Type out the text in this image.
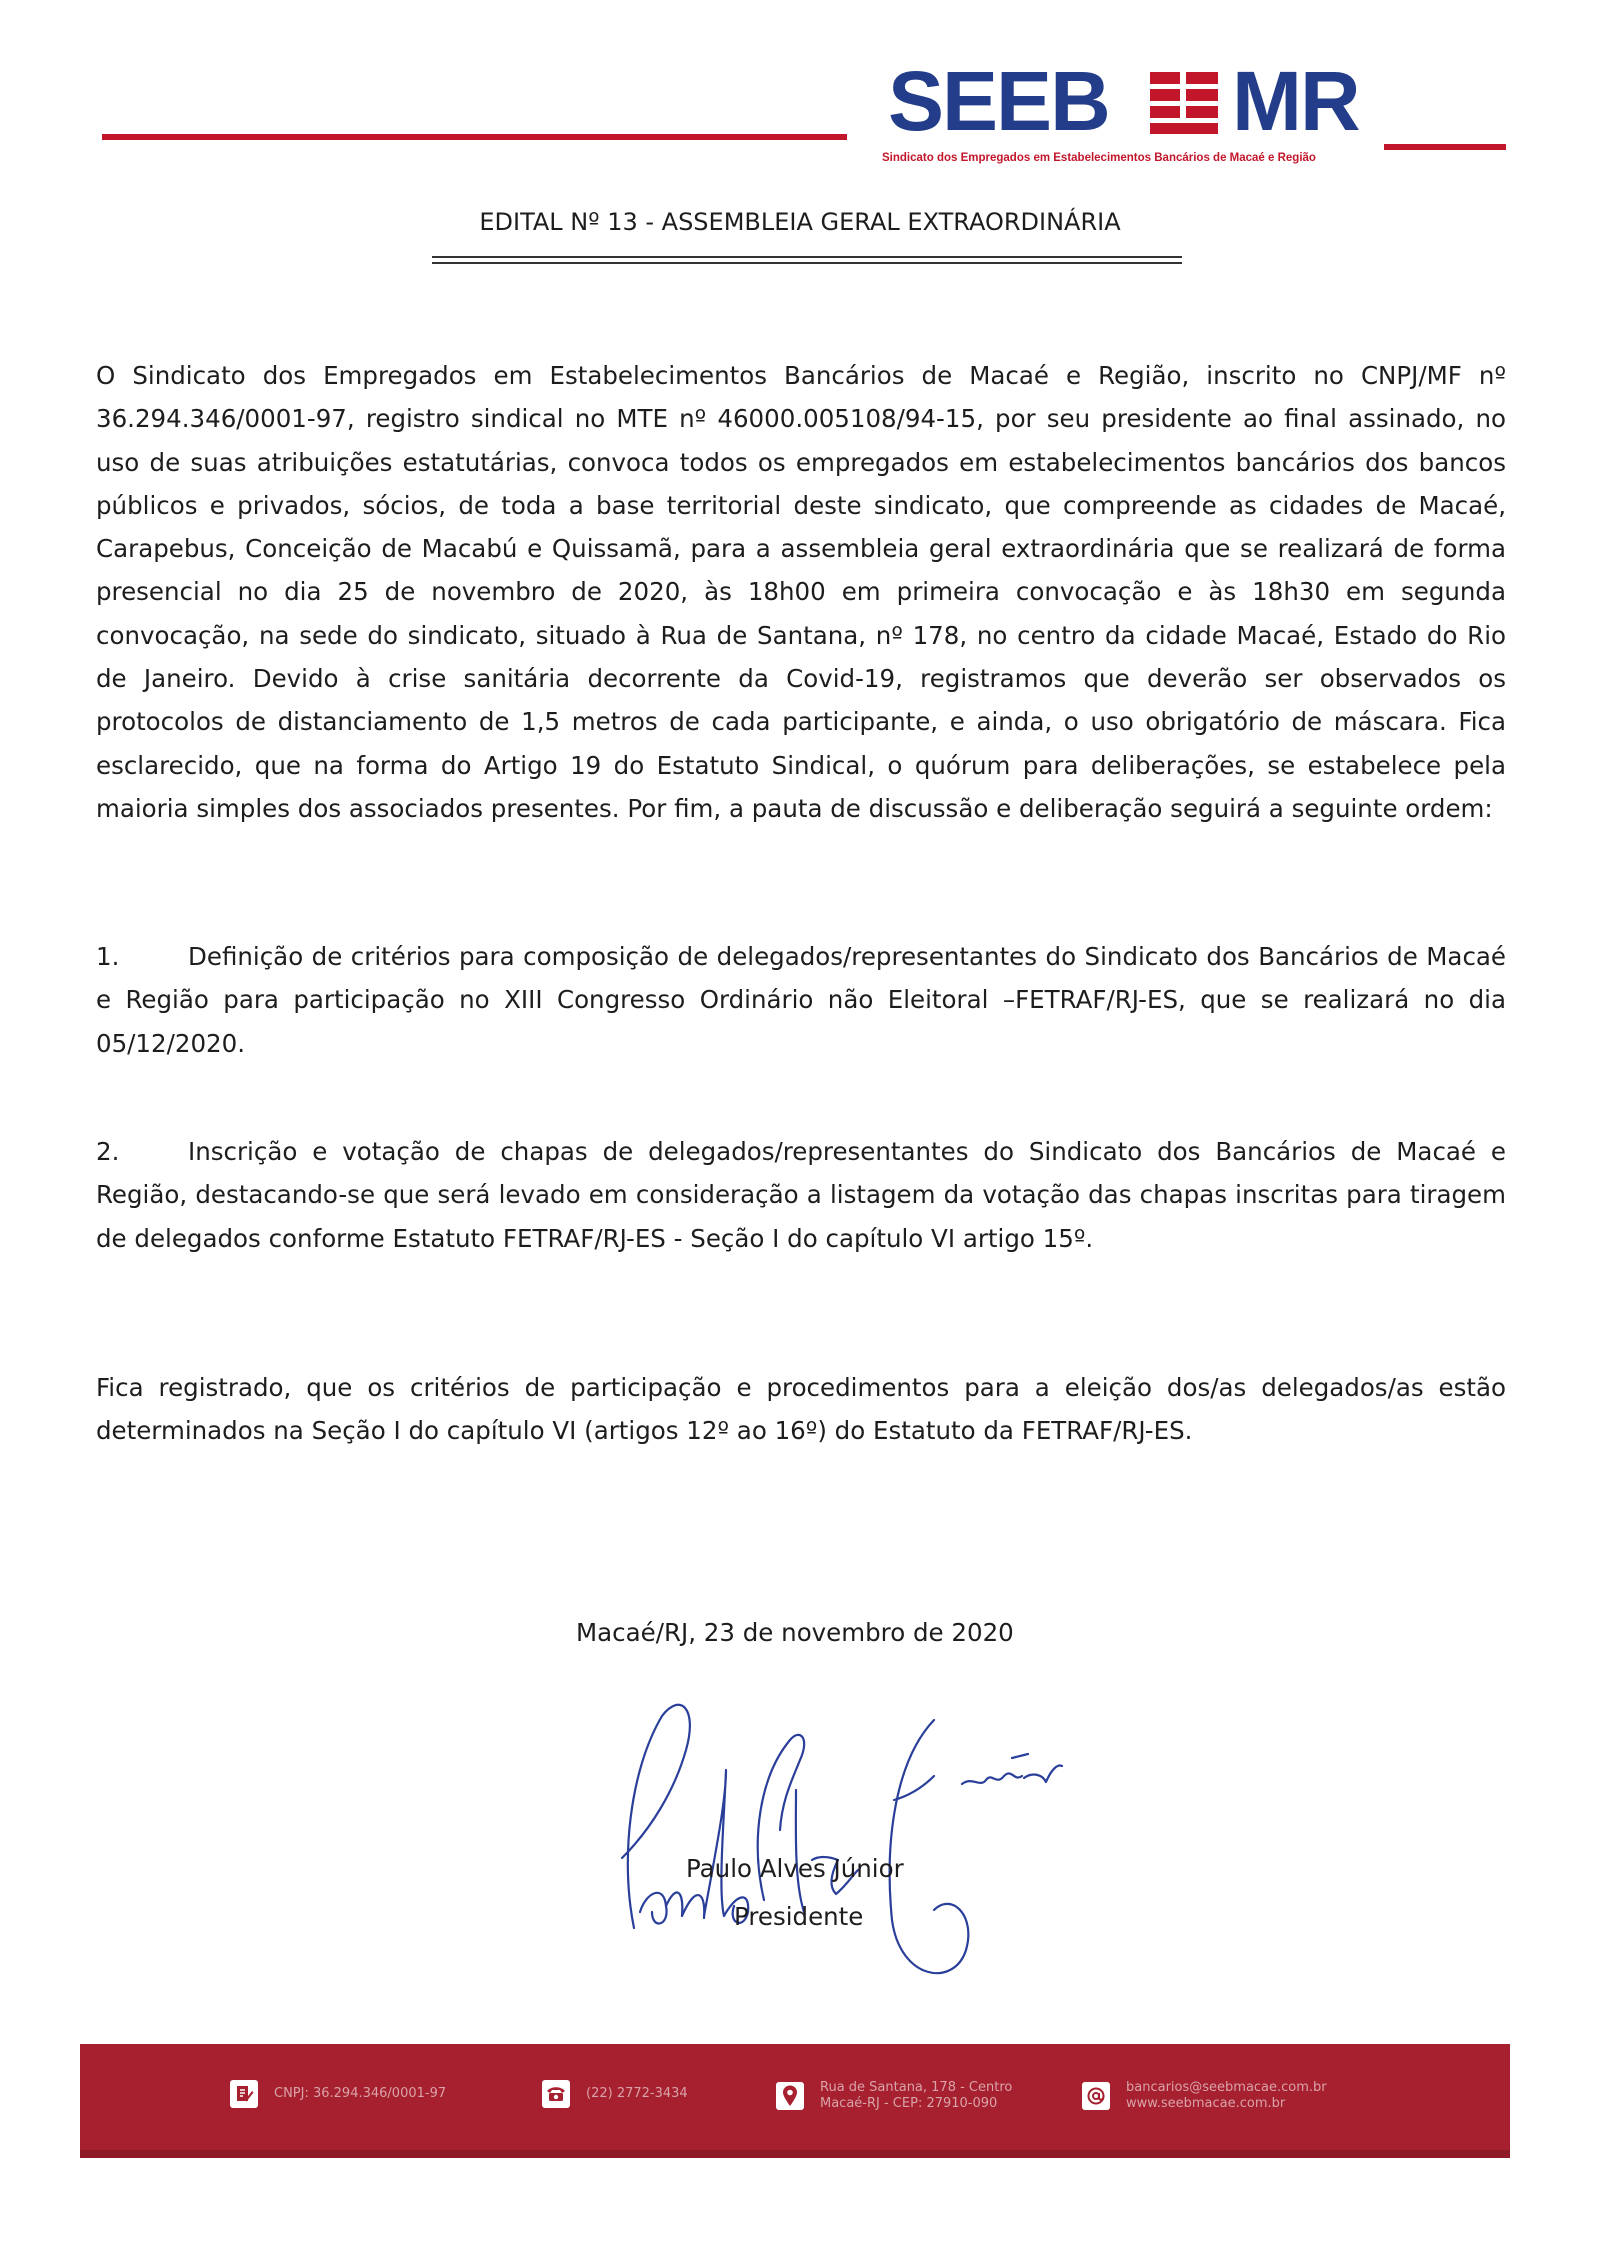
SEEB MR
Sindicato dos Empregados em Estabelecimentos Bancários de Macaé e Região
EDITAL Nº 13 - ASSEMBLEIA GERAL EXTRAORDINÁRIA

O Sindicato dos Empregados em Estabelecimentos Bancários de Macaé e Região, inscrito no CNPJ/MF nº 36.294.346/0001-97, registro sindical no MTE nº 46000.005108/94-15, por seu presidente ao final assinado, no uso de suas atribuições estatutárias, convoca todos os empregados em estabelecimentos bancários dos bancos públicos e privados, sócios, de toda a base territorial deste sindicato, que compreende as cidades de Macaé, Carapebus, Conceição de Macabú e Quissamã, para a assembleia geral extraordinária que se realizará de forma presencial no dia 25 de novembro de 2020, às 18h00 em primeira convocação e às 18h30 em segunda convocação, na sede do sindicato, situado à Rua de Santana, nº 178, no centro da cidade Macaé, Estado do Rio de Janeiro. Devido à crise sanitária decorrente da Covid-19, registramos que deverão ser observados os protocolos de distanciamento de 1,5 metros de cada participante, e ainda, o uso obrigatório de máscara. Fica esclarecido, que na forma do Artigo 19 do Estatuto Sindical, o quórum para deliberações, se estabelece pela maioria simples dos associados presentes. Por fim, a pauta de discussão e deliberação seguirá a seguinte ordem:

1.	Definição de critérios para composição de delegados/representantes do Sindicato dos Bancários de Macaé e Região para participação no XIII Congresso Ordinário não Eleitoral –FETRAF/RJ-ES, que se realizará no dia 05/12/2020.

2.	Inscrição e votação de chapas de delegados/representantes do Sindicato dos Bancários de Macaé e Região, destacando-se que será levado em consideração a listagem da votação das chapas inscritas para tiragem de delegados conforme Estatuto FETRAF/RJ-ES - Seção I do capítulo VI artigo 15º.

Fica registrado, que os critérios de participação e procedimentos para a eleição dos/as delegados/as estão determinados na Seção I do capítulo VI (artigos 12º ao 16º) do Estatuto da FETRAF/RJ-ES.

Macaé/RJ, 23 de novembro de 2020
Paulo Alves Júnior
Presidente
CNPJ: 36.294.346/0001-97	(22) 2772-3434	Rua de Santana, 178 - Centro
Macaé-RJ - CEP: 27910-090
bancarios@seebmacae.com.br
www.seebmacae.com.br
